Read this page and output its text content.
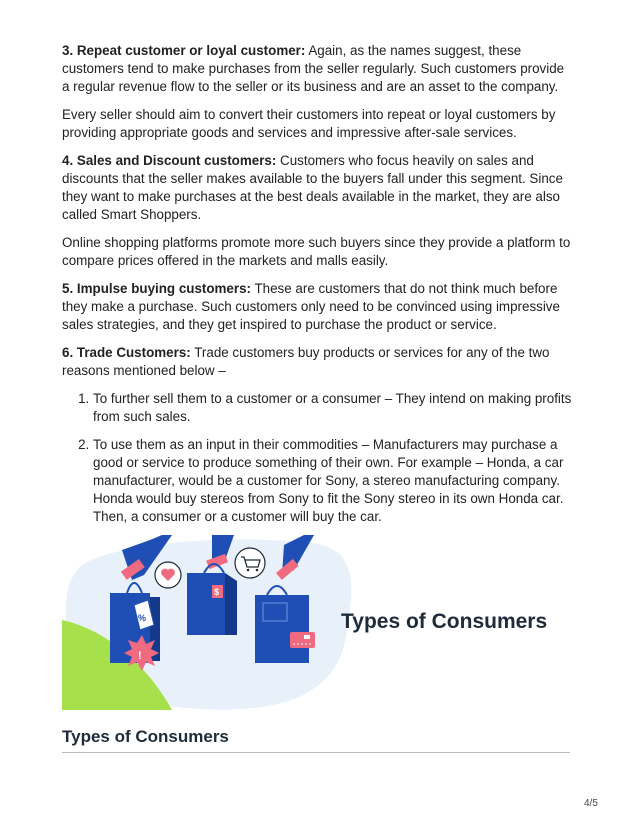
3. Repeat customer or loyal customer: Again, as the names suggest, these customers tend to make purchases from the seller regularly. Such customers provide a regular revenue flow to the seller or its business and are an asset to the company.

Every seller should aim to convert their customers into repeat or loyal customers by providing appropriate goods and services and impressive after-sale services.

4. Sales and Discount customers: Customers who focus heavily on sales and discounts that the seller makes available to the buyers fall under this segment. Since they want to make purchases at the best deals available in the market, they are also called Smart Shoppers.

Online shopping platforms promote more such buyers since they provide a platform to compare prices offered in the markets and malls easily.

5. Impulse buying customers: These are customers that do not think much before they make a purchase. Such customers only need to be convinced using impressive sales strategies, and they get inspired to purchase the product or service.

6. Trade Customers: Trade customers buy products or services for any of the two reasons mentioned below –

1. To further sell them to a customer or a consumer – They intend on making profits from such sales.
2. To use them as an input in their commodities – Manufacturers may purchase a good or service to produce something of their own. For example – Honda, a car manufacturer, would be a customer for Sony, a stereo manufacturing company. Honda would buy stereos from Sony to fit the Sony stereo in its own Honda car. Then, a consumer or a customer will buy the car.
%
!
$
Types of Consumers
Types of Consumers
4/5
